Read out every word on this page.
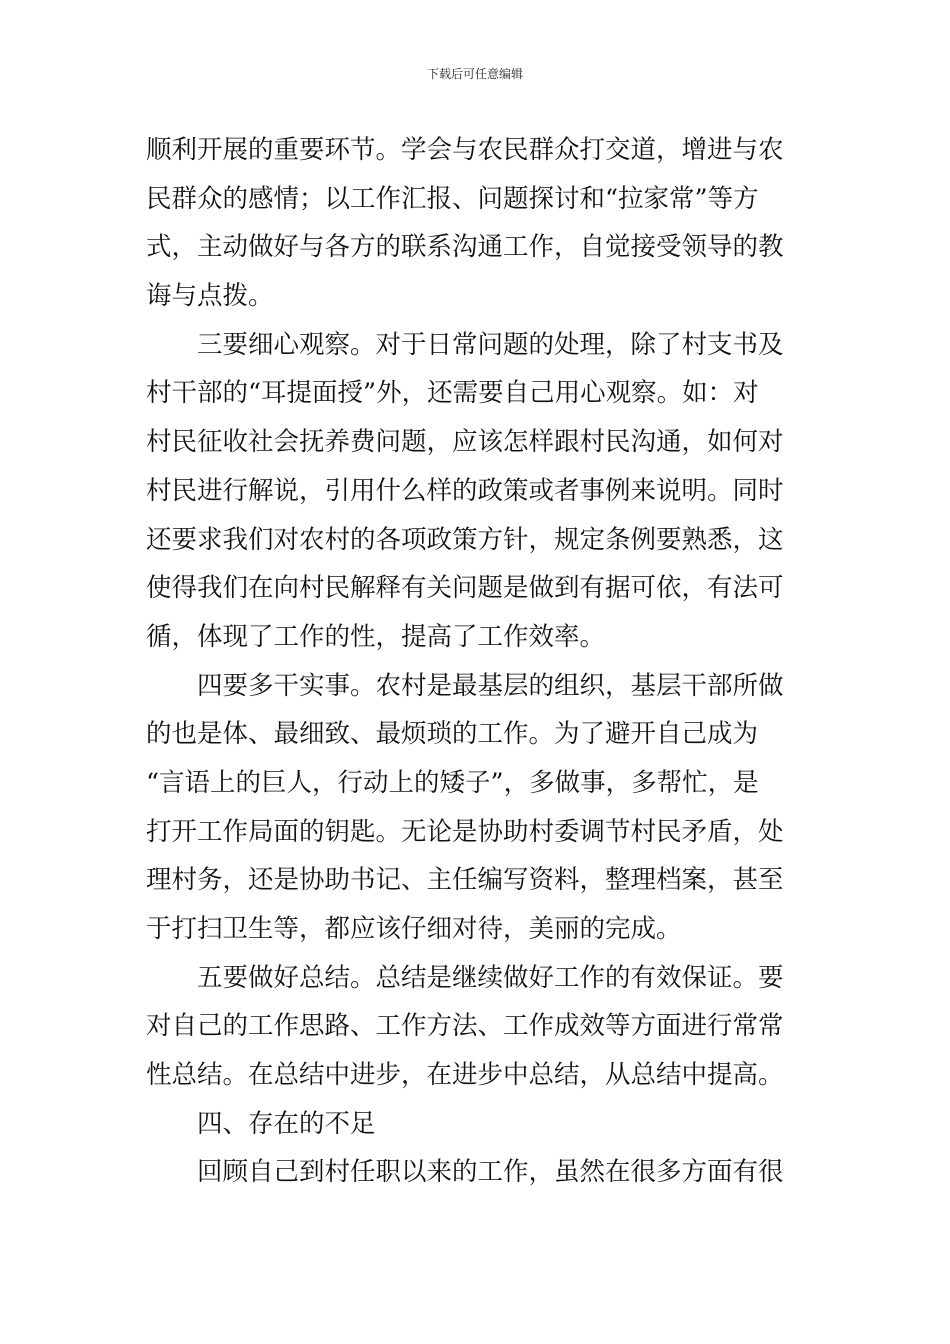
下载后可任意编辑
顺利开展的重要环节。学会与农民群众打交道，增进与农
民群众的感情；以工作汇报、问题探讨和“拉家常”等方
式，主动做好与各方的联系沟通工作，自觉接受领导的教
诲与点拨。
三要细心观察。对于日常问题的处理，除了村支书及
村干部的“耳提面授”外，还需要自己用心观察。如：对
村民征收社会抚养费问题，应该怎样跟村民沟通，如何对
村民进行解说，引用什么样的政策或者事例来说明。同时
还要求我们对农村的各项政策方针，规定条例要熟悉，这
使得我们在向村民解释有关问题是做到有据可依，有法可
循，体现了工作的性，提高了工作效率。
四要多干实事。农村是最基层的组织，基层干部所做
的也是体、最细致、最烦琐的工作。为了避开自己成为
“言语上的巨人，行动上的矮子”，多做事，多帮忙，是
打开工作局面的钥匙。无论是协助村委调节村民矛盾，处
理村务，还是协助书记、主任编写资料，整理档案，甚至
于打扫卫生等，都应该仔细对待，美丽的完成。
五要做好总结。总结是继续做好工作的有效保证。要
对自己的工作思路、工作方法、工作成效等方面进行常常
性总结。在总结中进步，在进步中总结，从总结中提高。
四、存在的不足
回顾自己到村任职以来的工作，虽然在很多方面有很
